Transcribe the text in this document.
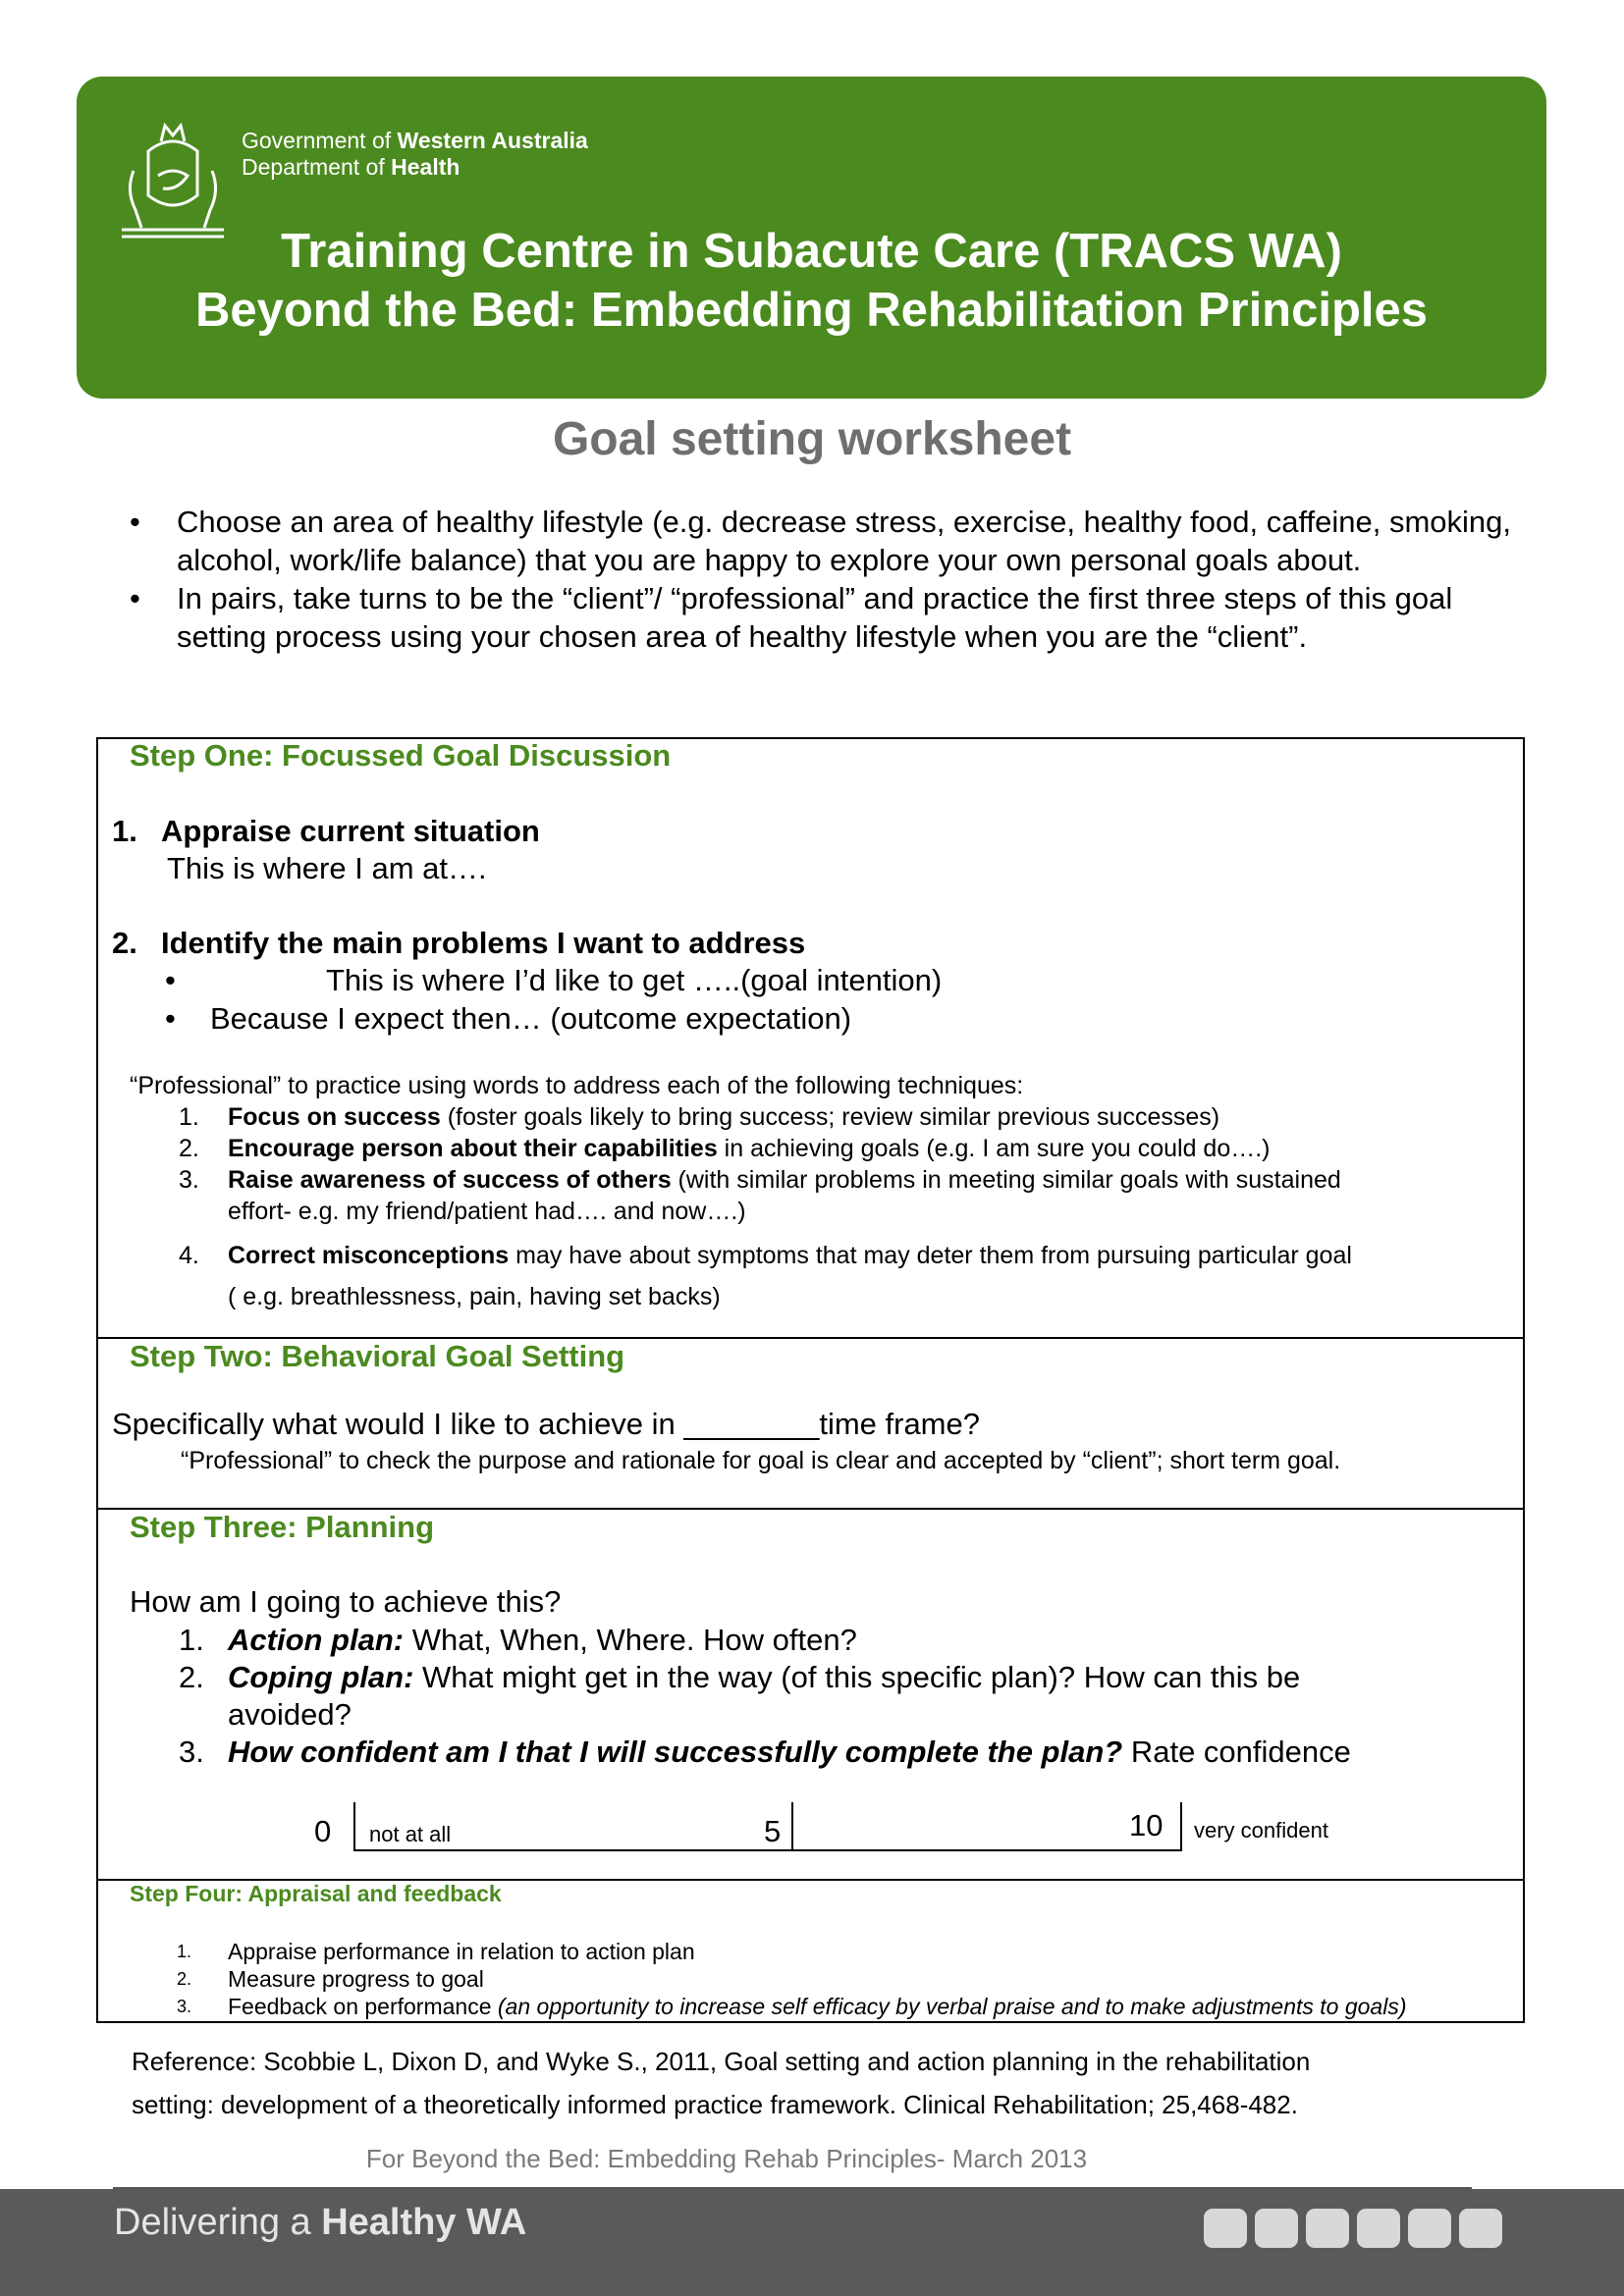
Government of Western Australia
Department of Health
Training Centre in Subacute Care (TRACS WA)
Beyond the Bed: Embedding Rehabilitation Principles
Goal setting worksheet
• Choose an area of healthy lifestyle (e.g. decrease stress, exercise, healthy food, caffeine, smoking, alcohol, work/life balance) that you are happy to explore your own personal goals about.
• In pairs, take turns to be the “client”/ “professional” and practice the first three steps of this goal setting process using your chosen area of healthy lifestyle when you are the “client”.
Step One: Focussed Goal Discussion
1. Appraise current situation
This is where I am at….
2. Identify the main problems I want to address
•	This is where I’d like to get …..(goal intention)
• Because I expect then… (outcome expectation)
“Professional” to practice using words to address each of the following techniques:
1. Focus on success (foster goals likely to bring success; review similar previous successes)
2. Encourage person about their capabilities in achieving goals (e.g. I am sure you could do….)
3. Raise awareness of success of others (with similar problems in meeting similar goals with sustained
effort- e.g. my friend/patient had…. and now….)
4. Correct misconceptions may have about symptoms that may deter them from pursuing particular goal
( e.g. breathlessness, pain, having set backs)
Step Two: Behavioral Goal Setting
Specifically what would I like to achieve in ________time frame?
“Professional” to check the purpose and rationale for goal is clear and accepted by “client”; short term goal.
Step Three: Planning
How am I going to achieve this?
1. Action plan: What, When, Where. How often?
2. Coping plan: What might get in the way (of this specific plan)? How can this be
avoided?
3. How confident am I that I will successfully complete the plan? Rate confidence
0 not at all	5	10 very confident
Step Four: Appraisal and feedback
1. Appraise performance in relation to action plan
2. Measure progress to goal
3. Feedback on performance (an opportunity to increase self efficacy by verbal praise and to make adjustments to goals)
Reference: Scobbie L, Dixon D, and Wyke S., 2011, Goal setting and action planning in the rehabilitation
setting: development of a theoretically informed practice framework. Clinical Rehabilitation; 25,468-482.
For Beyond the Bed: Embedding Rehab Principles- March 2013
Delivering a Healthy WA
